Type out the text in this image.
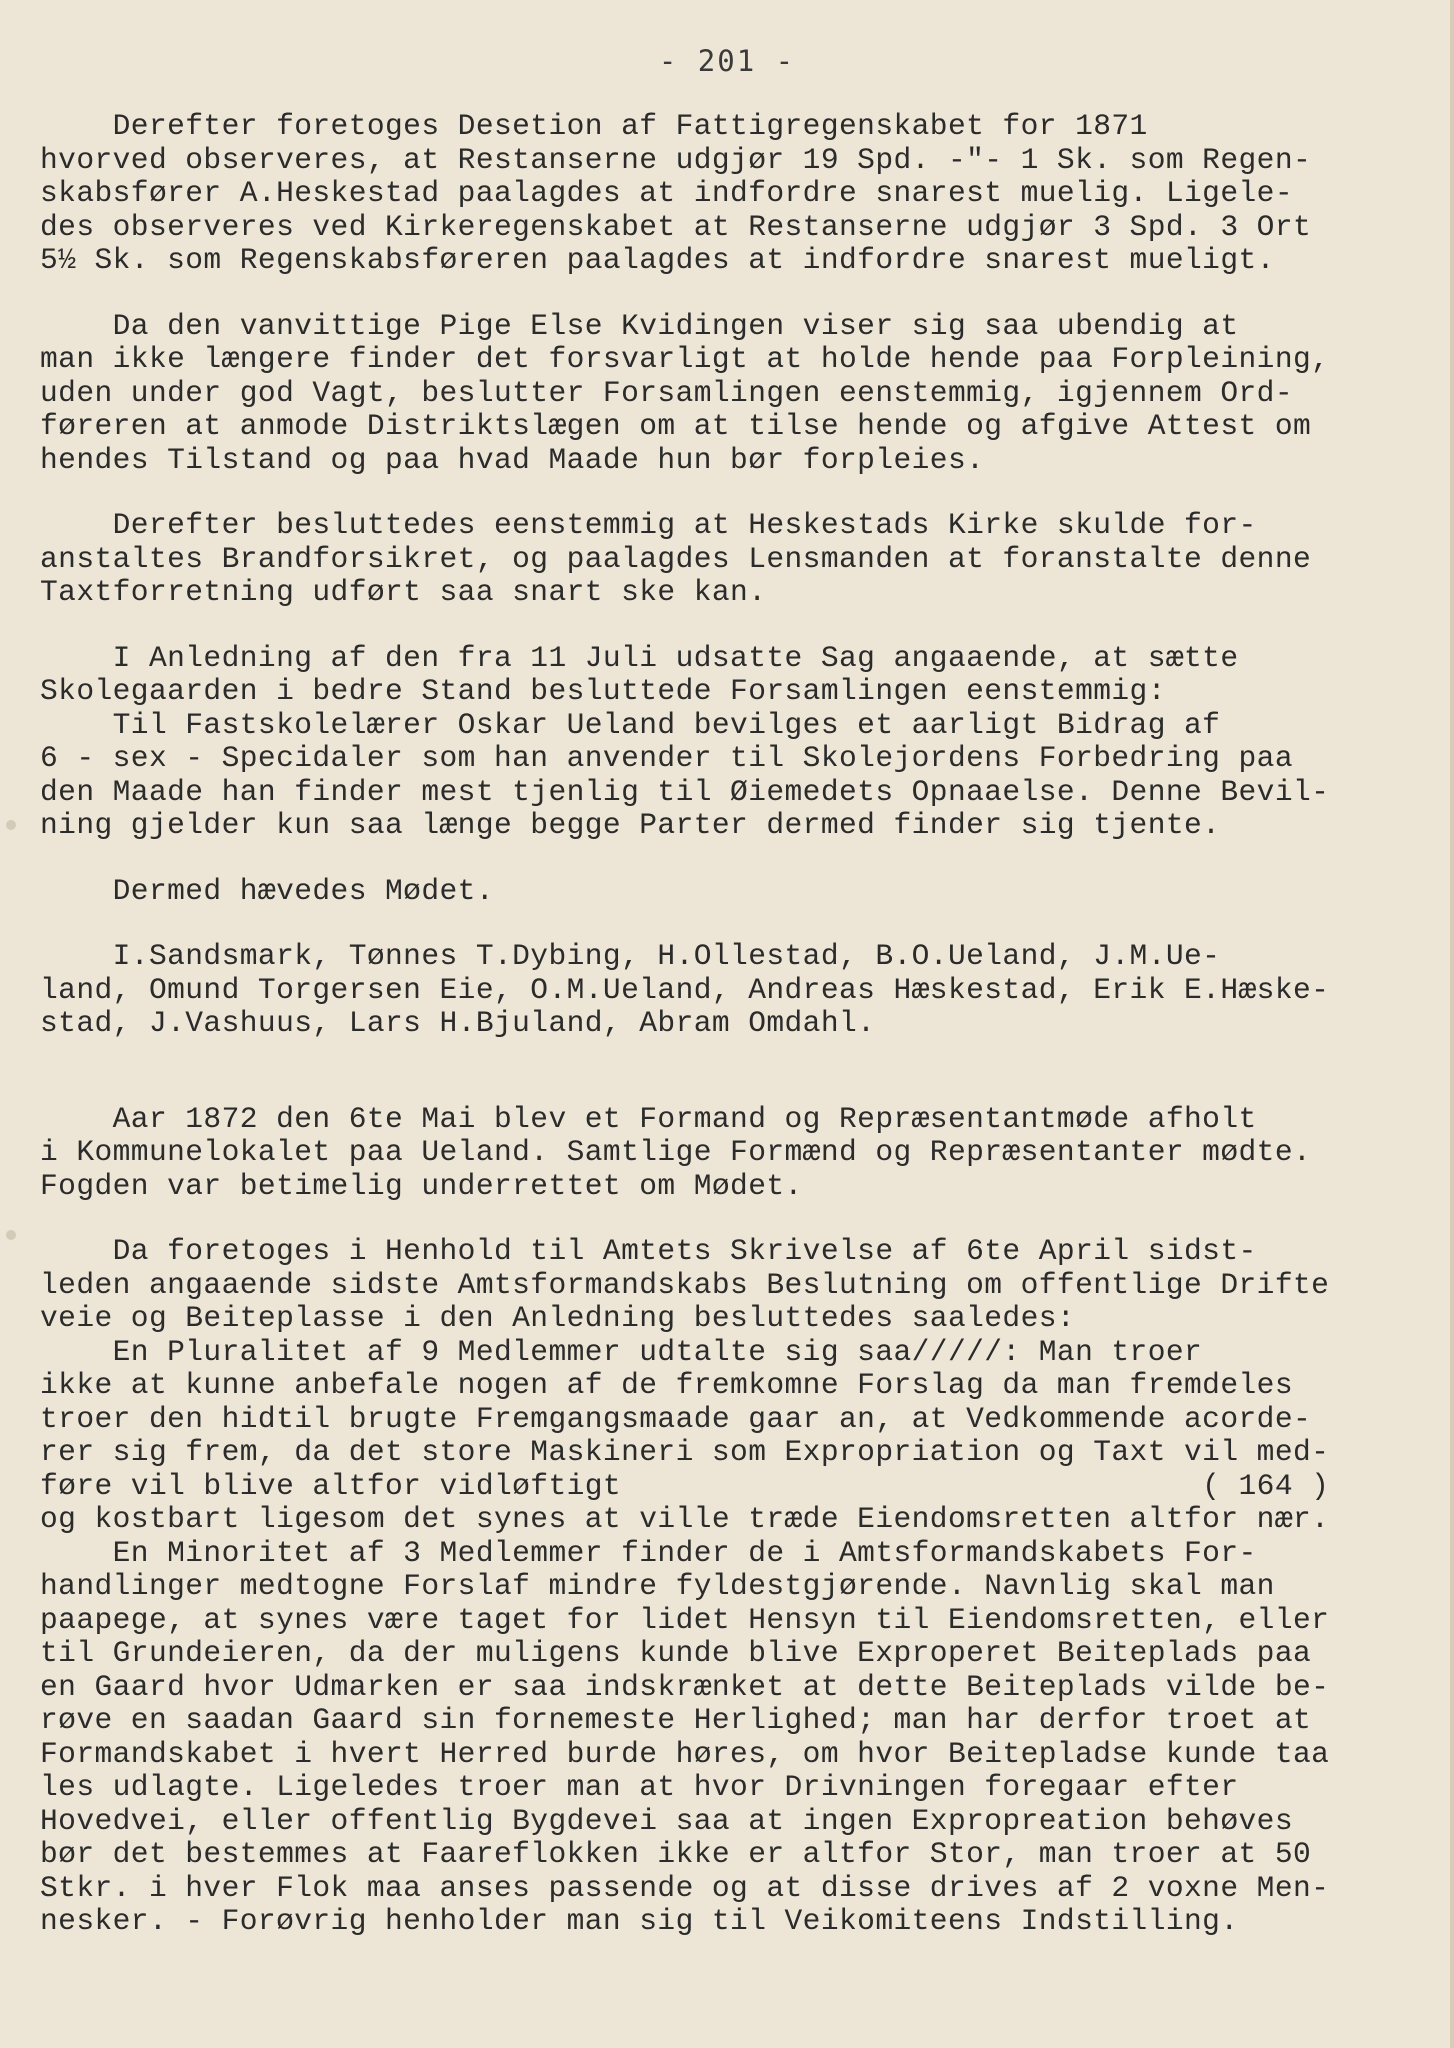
- 201 -
Derefter foretoges Desetion af Fattigregenskabet for 1871
hvorved observeres, at Restanserne udgjør 19 Spd. -"- 1 Sk. som Regen-
skabsfører A.Heskestad paalagdes at indfordre snarest muelig. Ligele-
des observeres ved Kirkeregenskabet at Restanserne udgjør 3 Spd. 3 Ort
5½ Sk. som Regenskabsføreren paalagdes at indfordre snarest mueligt.
Da den vanvittige Pige Else Kvidingen viser sig saa ubendig at
man ikke længere finder det forsvarligt at holde hende paa Forpleining,
uden under god Vagt, beslutter Forsamlingen eenstemmig, igjennem Ord-
føreren at anmode Distriktslægen om at tilse hende og afgive Attest om
hendes Tilstand og paa hvad Maade hun bør forpleies.
Derefter besluttedes eenstemmig at Heskestads Kirke skulde for-
anstaltes Brandforsikret, og paalagdes Lensmanden at foranstalte denne
Taxtforretning udført saa snart ske kan.
I Anledning af den fra 11 Juli udsatte Sag angaaende, at sætte
Skolegaarden i bedre Stand besluttede Forsamlingen eenstemmig:
Til Fastskolelærer Oskar Ueland bevilges et aarligt Bidrag af
6 - sex - Specidaler som han anvender til Skolejordens Forbedring paa
den Maade han finder mest tjenlig til Øiemedets Opnaaelse. Denne Bevil-
ning gjelder kun saa længe begge Parter dermed finder sig tjente.
Dermed hævedes Mødet.
I.Sandsmark, Tønnes T.Dybing, H.Ollestad, B.O.Ueland, J.M.Ue-
land, Omund Torgersen Eie, O.M.Ueland, Andreas Hæskestad, Erik E.Hæske-
stad, J.Vashuus, Lars H.Bjuland, Abram Omdahl.
Aar 1872 den 6te Mai blev et Formand og Repræsentantmøde afholt
i Kommunelokalet paa Ueland. Samtlige Formænd og Repræsentanter mødte.
Fogden var betimelig underrettet om Mødet.
Da foretoges i Henhold til Amtets Skrivelse af 6te April sidst-
leden angaaende sidste Amtsformandskabs Beslutning om offentlige Drifte
veie og Beiteplasse i den Anledning besluttedes saaledes:
En Pluralitet af 9 Medlemmer udtalte sig saa/////: Man troer
ikke at kunne anbefale nogen af de fremkomne Forslag da man fremdeles
troer den hidtil brugte Fremgangsmaade gaar an, at Vedkommende acorde-
rer sig frem, da det store Maskineri som Expropriation og Taxt vil med-
føre vil blive altfor vidløftigt                                ( 164 )
og kostbart ligesom det synes at ville træde Eiendomsretten altfor nær.
En Minoritet af 3 Medlemmer finder de i Amtsformandskabets For-
handlinger medtogne Forslaf mindre fyldestgjørende. Navnlig skal man
paapege, at synes være taget for lidet Hensyn til Eiendomsretten, eller
til Grundeieren, da der muligens kunde blive Exproperet Beiteplads paa
en Gaard hvor Udmarken er saa indskrænket at dette Beiteplads vilde be-
røve en saadan Gaard sin fornemeste Herlighed; man har derfor troet at
Formandskabet i hvert Herred burde høres, om hvor Beitepladse kunde taa
les udlagte. Ligeledes troer man at hvor Drivningen foregaar efter
Hovedvei, eller offentlig Bygdevei saa at ingen Expropreation behøves
bør det bestemmes at Faareflokken ikke er altfor Stor, man troer at 50
Stkr. i hver Flok maa anses passende og at disse drives af 2 voxne Men-
nesker. - Forøvrig henholder man sig til Veikomiteens Indstilling.
